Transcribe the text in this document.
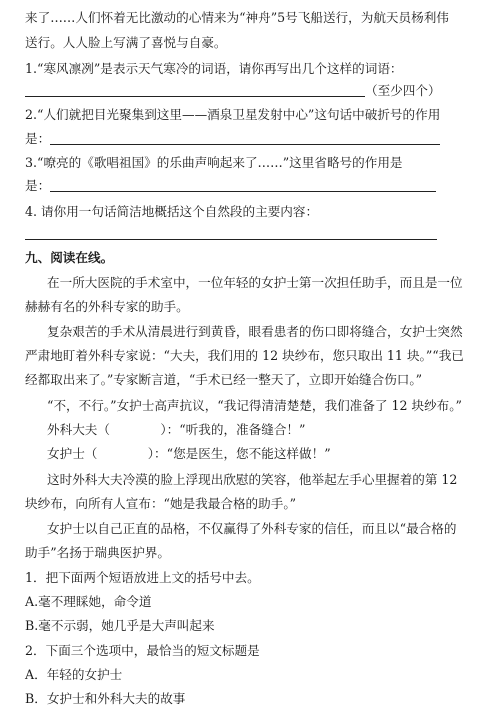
来了……人们怀着无比激动的心情来为“神舟”5号飞船送行，为航天员杨利伟
送行。人人脸上写满了喜悦与自豪。
1.“寒风凛冽”是表示天气寒冷的词语，请你再写出几个这样的词语：
（至少四个）
2.“人们就把目光聚集到这里——酒泉卫星发射中心”这句话中破折号的作用
是：
3.“嘹亮的《歌唱祖国》的乐曲声响起来了……”这里省略号的作用是
是：
4. 请你用一句话简洁地概括这个自然段的主要内容：
九、阅读在线。
在一所大医院的手术室中，一位年轻的女护士第一次担任助手，而且是一位
赫赫有名的外科专家的助手。
复杂艰苦的手术从清晨进行到黄昏，眼看患者的伤口即将缝合，女护士突然
严肃地盯着外科专家说：“大夫，我们用的 12 块纱布，您只取出 11 块。”“我已
经都取出来了。”专家断言道，“手术已经一整天了，立即开始缝合伤口。”
“不，不行。”女护士高声抗议，“我记得清清楚楚，我们准备了 12 块纱布。”
外科大夫（　　　　）：“听我的，准备缝合！”
女护士（　　　　）：“您是医生，您不能这样做！”
这时外科大夫冷漠的脸上浮现出欣慰的笑容，他举起左手心里握着的第 12
块纱布，向所有人宣布：“她是我最合格的助手。”
女护士以自己正直的品格，不仅赢得了外科专家的信任，而且以“最合格的
助手”名扬于瑞典医护界。
1．把下面两个短语放进上文的括号中去。
A.毫不理睬她，命令道
B.毫不示弱，她几乎是大声叫起来
2．下面三个选项中，最恰当的短文标题是
A．年轻的女护士
B．女护士和外科大夫的故事
